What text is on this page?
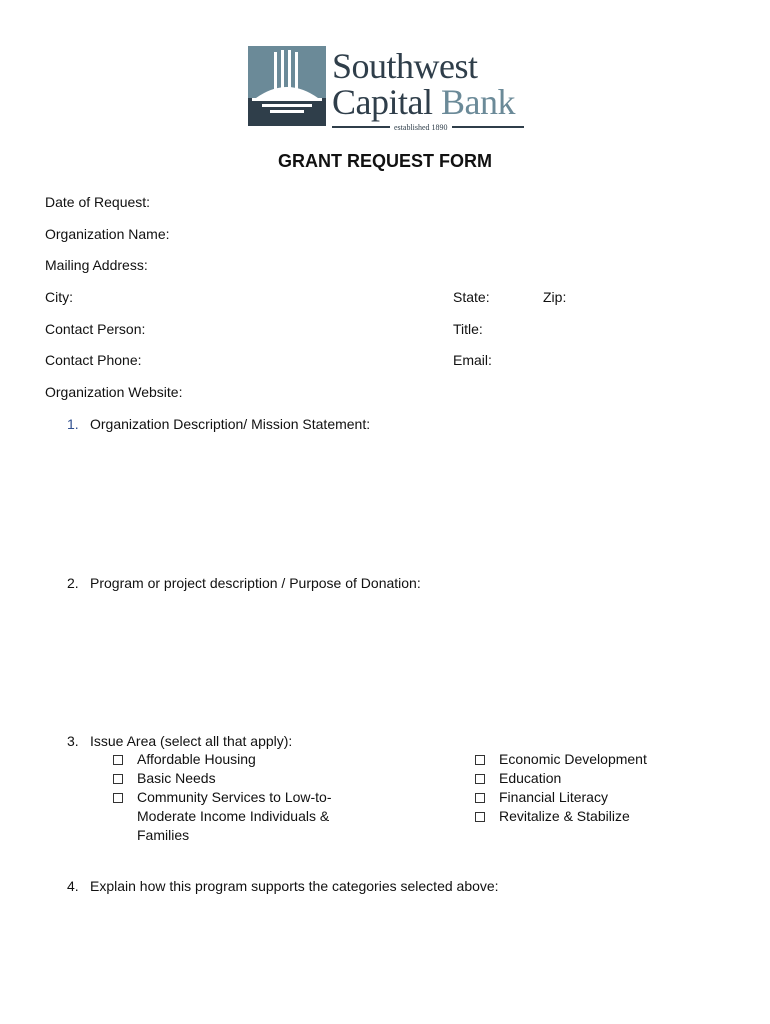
Southwest
Capital Bank
established 1890
GRANT REQUEST FORM
Date of Request:
Organization Name:
Mailing Address:
City:	State:	Zip:
Contact Person:	Title:
Contact Phone:	Email:
Organization Website:
1. Organization Description/ Mission Statement:
2. Program or project description / Purpose of Donation:
3. Issue Area (select all that apply):
Affordable Housing
Basic Needs
Community Services to Low-to-Moderate Income Individuals & Families
Economic Development
Education
Financial Literacy
Revitalize & Stabilize
4. Explain how this program supports the categories selected above:
